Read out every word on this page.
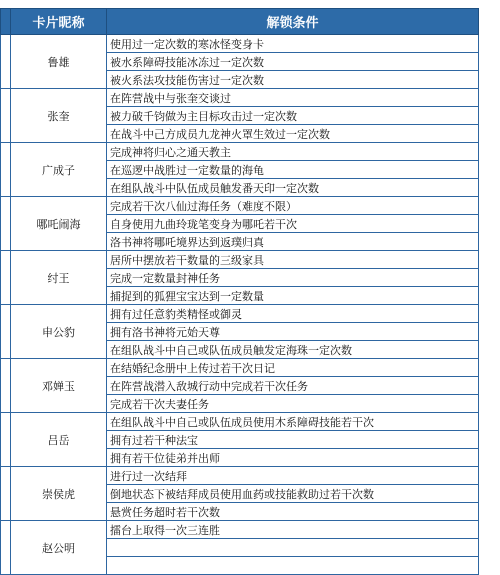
	卡片昵称	解锁条件
	鲁雄	使用过一定次数的寒冰怪变身卡
		被水系障碍技能冰冻过一定次数
		被火系法攻技能伤害过一定次数
	张奎	在阵营战中与张奎交谈过
		被力破千钧做为主目标攻击过一定次数
		在战斗中己方成员九龙神火罩生效过一定次数
	广成子	完成神将归心之通天教主
		在巡逻中战胜过一定数量的海龟
		在组队战斗中队伍成员触发番天印一定次数
	哪吒闹海	完成若干次八仙过海任务（难度不限）
		自身使用九曲玲珑笔变身为哪吒若干次
		洛书神将哪吒境界达到返璞归真
	纣王	居所中摆放若干数量的三级家具
		完成一定数量封神任务
		捕捉到的狐狸宝宝达到一定数量
	申公豹	拥有过任意豹类精怪或御灵
		拥有洛书神将元始天尊
		在组队战斗中自己或队伍成员触发定海珠一定次数
	邓婵玉	在结婚纪念册中上传过若干次日记
		在阵营战潜入敌城行动中完成若干次任务
		完成若干次夫妻任务
	吕岳	在组队战斗中自己或队伍成员使用木系障碍技能若干次
		拥有过若干种法宝
		拥有若干位徒弟并出师
	崇侯虎	进行过一次结拜
		倒地状态下被结拜成员使用血药或技能救助过若干次数
		悬赏任务超时若干次数
	赵公明	擂台上取得一次三连胜
